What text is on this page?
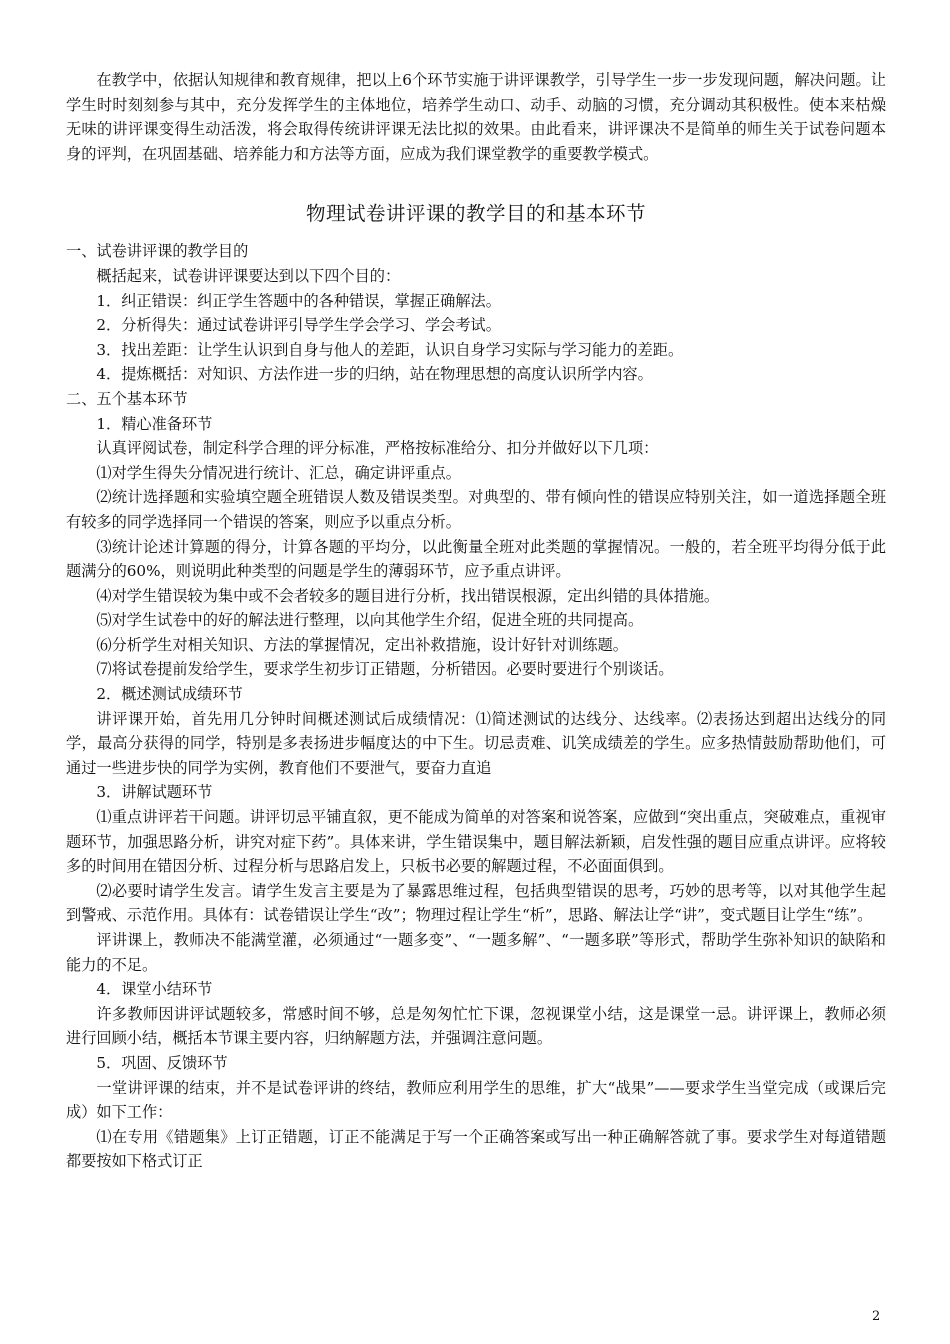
在教学中，依据认知规律和教育规律，把以上6个环节实施于讲评课教学，引导学生一步一步发现问题，解决问题。让学生时时刻刻参与其中，充分发挥学生的主体地位，培养学生动口、动手、动脑的习惯，充分调动其积极性。使本来枯燥无味的讲评课变得生动活泼，将会取得传统讲评课无法比拟的效果。由此看来，讲评课决不是简单的师生关于试卷问题本身的评判，在巩固基础、培养能力和方法等方面，应成为我们课堂教学的重要教学模式。

物理试卷讲评课的教学目的和基本环节

一、试卷讲评课的教学目的

概括起来，试卷讲评课要达到以下四个目的：

1．纠正错误：纠正学生答题中的各种错误，掌握正确解法。

2．分析得失：通过试卷讲评引导学生学会学习、学会考试。

3．找出差距：让学生认识到自身与他人的差距，认识自身学习实际与学习能力的差距。

4．提炼概括：对知识、方法作进一步的归纳，站在物理思想的高度认识所学内容。

二、五个基本环节

1．精心准备环节

认真评阅试卷，制定科学合理的评分标准，严格按标准给分、扣分并做好以下几项：

⑴对学生得失分情况进行统计、汇总，确定讲评重点。

⑵统计选择题和实验填空题全班错误人数及错误类型。对典型的、带有倾向性的错误应特别关注，如一道选择题全班有较多的同学选择同一个错误的答案，则应予以重点分析。

⑶统计论述计算题的得分，计算各题的平均分，以此衡量全班对此类题的掌握情况。一般的，若全班平均得分低于此题满分的60%，则说明此种类型的问题是学生的薄弱环节，应予重点讲评。

⑷对学生错误较为集中或不会者较多的题目进行分析，找出错误根源，定出纠错的具体措施。

⑸对学生试卷中的好的解法进行整理，以向其他学生介绍，促进全班的共同提高。

⑹分析学生对相关知识、方法的掌握情况，定出补救措施，设计好针对训练题。

⑺将试卷提前发给学生，要求学生初步订正错题，分析错因。必要时要进行个别谈话。

2．概述测试成绩环节

讲评课开始，首先用几分钟时间概述测试后成绩情况：⑴简述测试的达线分、达线率。⑵表扬达到超出达线分的同学，最高分获得的同学，特别是多表扬进步幅度达的中下生。切忌责难、讥笑成绩差的学生。应多热情鼓励帮助他们，可通过一些进步快的同学为实例，教育他们不要泄气，要奋力直追

3．讲解试题环节

⑴重点讲评若干问题。讲评切忌平铺直叙，更不能成为简单的对答案和说答案，应做到“突出重点，突破难点，重视审题环节，加强思路分析，讲究对症下药”。具体来讲，学生错误集中，题目解法新颖，启发性强的题目应重点讲评。应将较多的时间用在错因分析、过程分析与思路启发上，只板书必要的解题过程，不必面面俱到。

⑵必要时请学生发言。请学生发言主要是为了暴露思维过程，包括典型错误的思考，巧妙的思考等，以对其他学生起到警戒、示范作用。具体有：试卷错误让学生“改”；物理过程让学生“析”，思路、解法让学“讲”，变式题目让学生“练”。

评讲课上，教师决不能满堂灌，必须通过“一题多变”、“一题多解”、“一题多联”等形式，帮助学生弥补知识的缺陷和能力的不足。

4．课堂小结环节

许多教师因讲评试题较多，常感时间不够，总是匆匆忙忙下课，忽视课堂小结，这是课堂一忌。讲评课上，教师必须进行回顾小结，概括本节课主要内容，归纳解题方法，并强调注意问题。

5．巩固、反馈环节

一堂讲评课的结束，并不是试卷评讲的终结，教师应利用学生的思维，扩大“战果”——要求学生当堂完成（或课后完成）如下工作：

⑴在专用《错题集》上订正错题，订正不能满足于写一个正确答案或写出一种正确解答就了事。要求学生对每道错题都要按如下格式订正

2
